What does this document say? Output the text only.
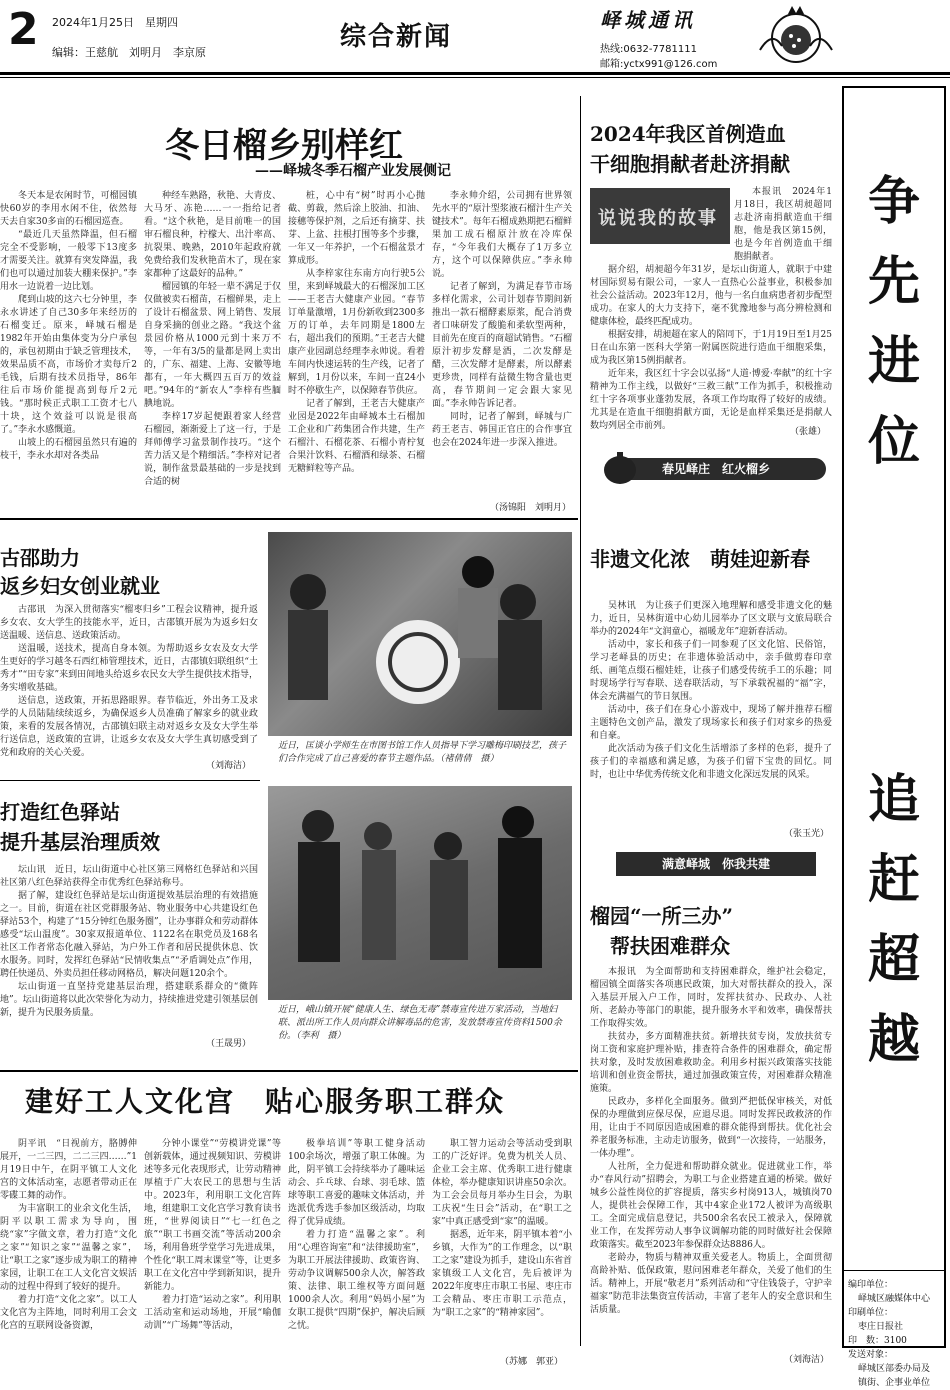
2 2024年1月25日　星期四
编辑：王慈航　刘明月　李京原
综合新闻
峄城通讯
热线:0632-7781111
邮箱:yctx991@126.com
冬日榴乡别样红
——峄城冬季石榴产业发展侧记

冬天本是农闲时节，可榴园镇快60岁的李用水闲不住，依然每天去自家30多亩的石榴园巡查。

“最近几天虽然降温，但石榴完全不受影响，一般零下13度多才需要关注。就算有突发降温，我们也可以通过加装大棚来保护。”李用水一边说着一边比划。

爬到山坡的这六七分钟里，李永水讲述了自己30多年来经历的石榴变迁。原来，峄城石榴是1982年开始由集体变为分户承包的，承包初期由于缺乏管理技术，效果品质不高，市场价才卖每斤2毛钱，后期有技术员指导，86年往后市场价能提高到每斤2元钱。“那时候正式职工工资才七八十块，这个效益可以说是很高了。”李永水感慨道。

山坡上的石榴园虽然只有遍的枝干，李永水却对各类品

种经车熟路，秋艳、大青皮、大马牙、冻艳……一一指给记者看。“这个秋艳，是目前唯一的国审石榴良种，柠檬大、出汁率高、抗裂果、晚熟，2010年起政府就免费给我们发秋艳苗木了，现在家家都种了这最好的品种。”

榴园镇的年轻一辈不满足于仅仅做被卖石榴苗，石榴鲜果，走上了设计石榴盆景、网上销售、发展自身采摘的创业之路。“我这个盆景园价格从1000元到十来万不等，一年有3/5的量都是网上卖出的，广东、福建、上海、安徽等地都有，一年大概四五百万的效益吧。”94年的“新农人”李梓有些腼腆地说。

李梓17岁起便跟着家人经营石榴园，渐渐爱上了这一行，于是拜师傅学习盆景制作技巧。“这个苦力活又是个精细活。”李梓对记者说，制作盆景最基础的一步是找到合适的树

桩，心中有“树”时再小心抛截、剪裁，然后涂上胶油、扣油、接穗等保护剂，之后还有摘芽、扶芽、上盆、拄根打围等多个步骤，一年又一年养护，一个石榴盆景才算成形。

从李梓家往东南方向行驶5公里，来到峄城最大的石榴深加工区——王老吉大健康产业园。“春节订单量激增，1月份新收到2300多万的订单，去年同期是1800左右，超出我们的预期。”王老吉大健康产业园副总经理李永帅说。看着车间内快速运转的生产线，记者了解到，1月份以来，车间一直24小时不停歇生产，以保障春节供应。

记者了解到，王老吉大健康产业园是2022年由峄城本土石榴加工企业和广药集团合作共建，生产石榴汁、石榴花茶、石榴小青柠复合果汁饮料、石榴酒和绿茶、石榴无糖鲜粒等产品。

李永帅介绍，公司拥有世界领先水平的“原汁型浆液石榴汁生产关键技术”。每年石榴成熟期把石榴鲜果加工成石榴原汁放在冷库保存，“今年我们大概存了1万多立方，这个可以保障供应。”李永帅说。

记者了解到，为满足春节市场多样化需求，公司计划春节期间新推出一款石榴酵素原浆，配合消费者口味研发了酸脆和柔软型两种，目前先在度百的商超试销售。“石榴原汁初步发酵是酒，二次发酵是醋，三次发酵才是酵素，所以酵素更珍贵，同样有益微生物含量也更高，春节期间一定会跟大家见面。”李永帅告诉记者。

同时，记者了解到，峄城与广药王老吉、韩国正官庄的合作事宜也会在2024年进一步深入推进。

（汤锦阳　刘明月）
2024年我区首例造血
干细胞捐献者赴济捐献
说说我的故事

本报讯　2024年1月18日，我区胡昶超同志赴济南捐献造血干细胞，他是我区第15例，也是今年首例造血干细胞捐献者。

据介绍，胡昶超今年31岁，是坛山街道人，就职于中建材国际贸易有限公司，一家人一直热心公益事业，积极参加社会公益活动。2023年12月，他与一名白血病患者初步配型成功。在家人的大力支持下，毫不犹豫地参与高分辨检测和健康体检，最终匹配成功。

根据安排，胡昶超在家人的陪同下，于1月19日至1月25日在山东第一医科大学第一附属医院进行造血干细胞采集，成为我区第15例捐献者。

近年来，我区红十字会以弘扬“人道·博爱·奉献”的红十字精神为工作主线，以做好“三救三献”工作为抓手，积极推动红十字各项事业蓬勃发展，各项工作均取得了较好的成绩。尤其是在造血干细胞捐献方面，无论是血样采集还是捐献人数均列居全市前列。

（张雄）
春见峄庄　红火榴乡
非遗文化浓　萌娃迎新春

吴林讯　为让孩子们更深入地理解和感受非遗文化的魅力，近日，吴林街道中心幼儿园举办了区文联与文旅局联合举办的2024年“文润童心，福暖龙年”迎新春活动。

活动中，家长和孩子们一同参观了区文化馆、民俗馆，学习老峄县的历史；在非遗体验活动中，亲手做剪春印章纸、画笔点缀石榴娃娃，让孩子们感受传统手工的乐趣；同时现场学行写春联、送春联活动，写下承载祝福的“福”字，体会充满福气的节日氛围。

活动中，孩子们在身心小游戏中，现场了解并推荐石榴主题特色文创产品，激发了现场家长和孩子们对家乡的热爱和自豪。

此次活动为孩子们文化生活增添了多样的色彩，提升了孩子们的幸福感和满足感，为孩子们留下宝贵的回忆。同时，也让中华优秀传统文化和非遗文化深远发展的风采。

（张玉光）
满意峄城　你我共建
榴园“一所三办”
帮扶困难群众

本报讯　为全面帮助和支持困难群众，维护社会稳定，榴园镇全面落实各项惠民政策，加大对帮扶群众的投入，深入基层开展入户工作，同时，发挥扶贫办、民政办、人社所、老龄办等部门的职能，提升服务水平和效率，确保帮扶工作取得实效。

扶贫办，多方面精准扶贫。新增扶贫专岗，发放扶贫专岗工资和家庭护理补贴，排查符合条件的困难群众，确定帮扶对象，及时发放困难救助金。利用乡村振兴政策落实技能培训和创业资金帮扶，通过加强政策宣传，对困难群众精准施策。

民政办，多样化全面服务。做到严把低保审核关，对低保的办理做到应保尽保，应退尽退。同时发挥民政救济的作用，让由于不同原因造成困难的群众能得到帮扶。优化社会养老服务标准，主动走访服务，做到“一次接待，一站服务，一体办理”。

人社所，全力促进和帮助群众就业。促进就业工作，举办“春风行动”招聘会，为职工与企业搭建直通的桥梁。做好城乡公益性岗位的扩容提质，落实乡村岗913人，城镇岗70人，提供社会保障工作，其中4家企业172人被评为高级职工。全面完成信息登记，共500余名农民工被录入，保障就业工作，在发挥劳动人事争议调解功能的同时做好社会保障政策落实。截至2023年参保群众达8886人。

老龄办，物质与精神双重关爱老人。物质上，全面贯彻高龄补贴、低保政策，慰问困难老年群众，关爱了他们的生活。精神上，开展“敬老月”系列活动和“守住钱袋子，守护幸福家”防范非法集资宣传活动，丰富了老年人的安全意识和生活质量。

（刘海洁）
古邵助力
返乡妇女创业就业

古邵讯　为深入贯彻落实“榴枣归乡”工程会议精神，提升返乡女农、女大学生的技能水平，近日，古邵镇开展为为返乡妇女送温暖、送信息、送政策活动。

送温暖，送技术，提高自身本领。为帮助返乡女农及女大学生更好的学习越冬石西红柿管理技术，近日，古邵镇妇联组织“土秀才”“田专家”来到田间地头给返乡农民女大学生提供技术指导，务实增收基础。

送信息，送政策，开拓思路眼界。春节临近，外出务工及求学的人员陆陆续续返乡，为确保返乡人员准确了解家乡的就业政策，来看的发展各情况，古邵镇妇联主动对返乡女及女大学生举行送信息，送政策的宣讲，让返乡女农及女大学生真切感受到了党和政府的关心关爱。

（刘海洁）
近日，匡谈小学师生在市图书馆工作人员指导下学习雕梅印刷技艺，孩子们合作完成了自己喜爱的春节主题作品。（褚倩倩　摄）
打造红色驿站
提升基层治理质效

坛山讯　近日，坛山街道中心社区第三网格红色驿站和兴国社区第八红色驿站获得全市优秀红色驿站称号。

据了解，建设红色驿站是坛山街道提效基层治理的有效措施之一。目前，街道在社区党群服务站、物业服务中心共建设红色驿站53个，构建了“15分钟红色服务圈”，让办事群众和劳动群体感受“坛山温度”。30家双报道单位、1122名在职党员及168名社区工作者常态化融入驿站，为户外工作者和居民提供休息、饮水服务。同时，发挥红色驿站“民情收集点”“矛盾调处点”作用，聘任快递员、外卖员担任移动网格员，解决问题120余个。

坛山街道一直坚持党建基层治理，搭建联系群众的“微阵地”。坛山街道将以此次荣誉化为动力，持续推进党建引领基层创新，提升为民服务质量。

（王晟男）
近日，峨山镇开展“健康人生、绿色无毒”禁毒宣传进万家活动，当地妇联、派出所工作人员向群众讲解毒品的危害，发放禁毒宣传资料1500余份。（李利　摄）
建好工人文化宫　贴心服务职工群众

阴平讯　“日视前方，胳膊伸展开，一二三四，二二三四……”1月19日中午，在阴平镇工人文化宫的文体活动室，志愿者带动正在零碟工舞的动作。

为丰富职工的业余文化生活，阴平以职工需求为导向，围绕“家”字做文章，着力打造“文化之家”“知识之家”“温馨之家”，让“职工之家”逐步成为职工的精神家园，让职工在工人文化宫文娱活动的过程中得到了较好的提升。

着力打造“文化之家”。以工人文化宫为主阵地，同时利用工会文化宫的互联网设备资源，

分钟小课堂”“劳模讲党课”等创新载体，通过视频知识、劳模讲述等多元化表现形式，让劳动精神厚植于广大农民工的思想与生活中。2023年，利用职工文化宫阵地，组建职工文化宫学习教育读书班，“世界阅读日”“七一红色之旅”“职工书画交流”等活动200余场，利用鲁班学堂学习先进成果，个性化“职工周末课堂”等，让更多职工在文化宫中学到新知识，提升新能力。

着力打造“运动之家”。利用职工活动室和运动场地，开展“喻伽动训”“广场舞”等活动，

极拳培训”等职工健身活动100余场次，增强了职工体魄。为此，阴平镇工会持续举办了趣味运动会、乒乓球、台球、羽毛球、篮球等职工喜爱的趣味文体活动，并选派优秀选手参加区级活动，均取得了优异成绩。

着力打造“温馨之家”。利用“心理咨询室”和“法律援助室”，为职工开展法律援助、政策咨询、劳动争议调解500余人次，解答政策、法律、职工维权等方面问题1000余人次。利用“妈妈小屋”为女职工提供“四期”保护，解决后顾之忧。

职工智力运动会等活动受到职工的广泛好评。免费为机关人员、企业工会主席、优秀职工进行健康体检，举办健康知识讲座50余次。为工会会员每月举办生日会，为职工庆祝“生日会”活动，在“职工之家”中真正感受到“家”的温暖。

据悉，近年来，阴平镇本着“小乡镇，大作为”的工作理念，以“职工之家”建设为抓手，建设山东省首家镇级工人文化宫，先后被评为2022年度枣庄市职工书屋、枣庄市工会精品、枣庄市职工示范点，为“职工之家”的“精神家园”。

（苏娜　郭亚）
争
先
进
位
追
赶
超
越
编印单位：
峄城区融媒体中心
印刷单位：
枣庄日报社
印　数：3100
发送对象：
峄城区部委办局及
镇街、企事业单位
